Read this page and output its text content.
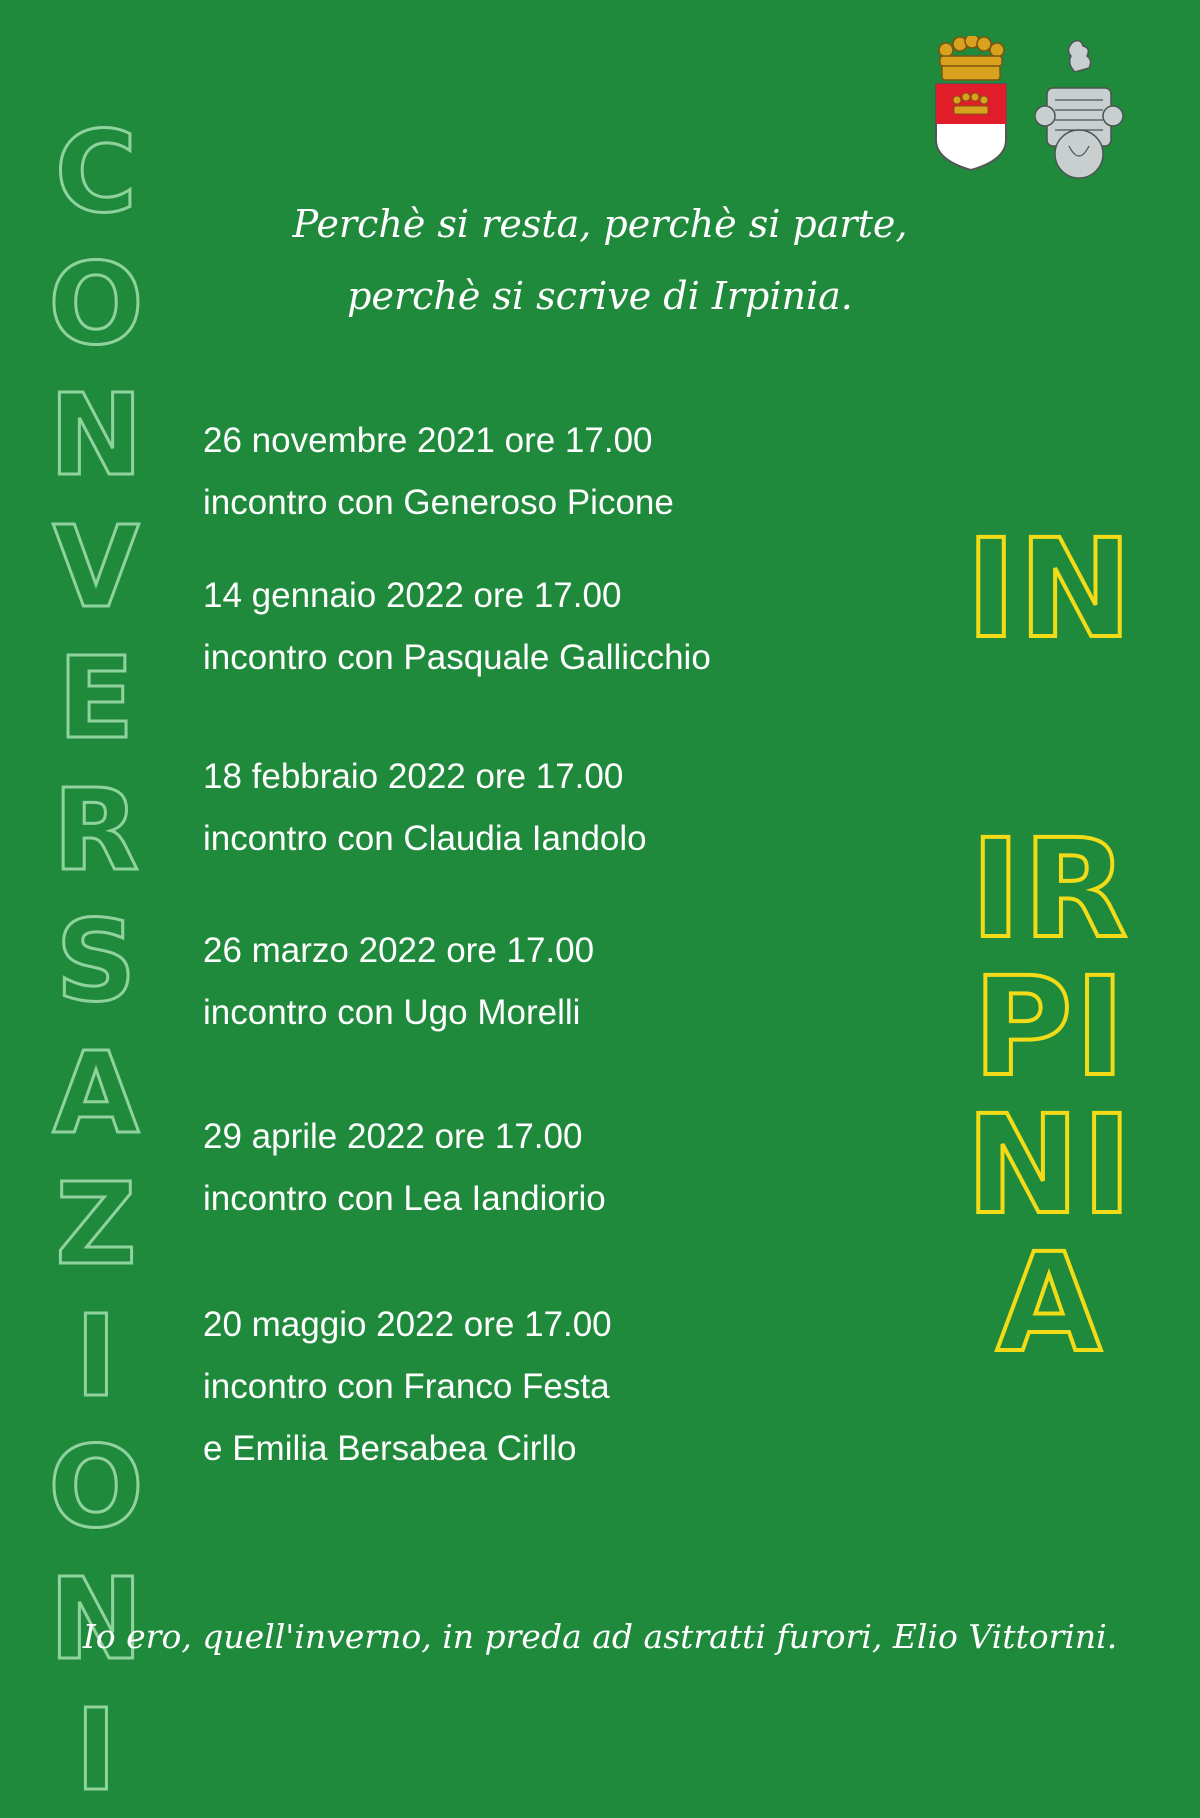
C
O
N
V
E
R
S
A
Z
I
O
N
I
Perchè si resta, perchè si parte,
perchè si scrive di Irpinia.
26 novembre 2021 ore 17.00
incontro con Generoso Picone
14 gennaio 2022 ore 17.00
incontro con Pasquale Gallicchio
18 febbraio 2022 ore 17.00
incontro con Claudia Iandolo
26 marzo 2022 ore 17.00
incontro con Ugo Morelli
29 aprile 2022 ore 17.00
incontro con Lea Iandiorio
20 maggio 2022 ore 17.00
incontro con Franco Festa
e Emilia Bersabea Cirllo
IN
IR
PI
NI
A
Io ero, quell'inverno, in preda ad astratti furori, Elio Vittorini.
